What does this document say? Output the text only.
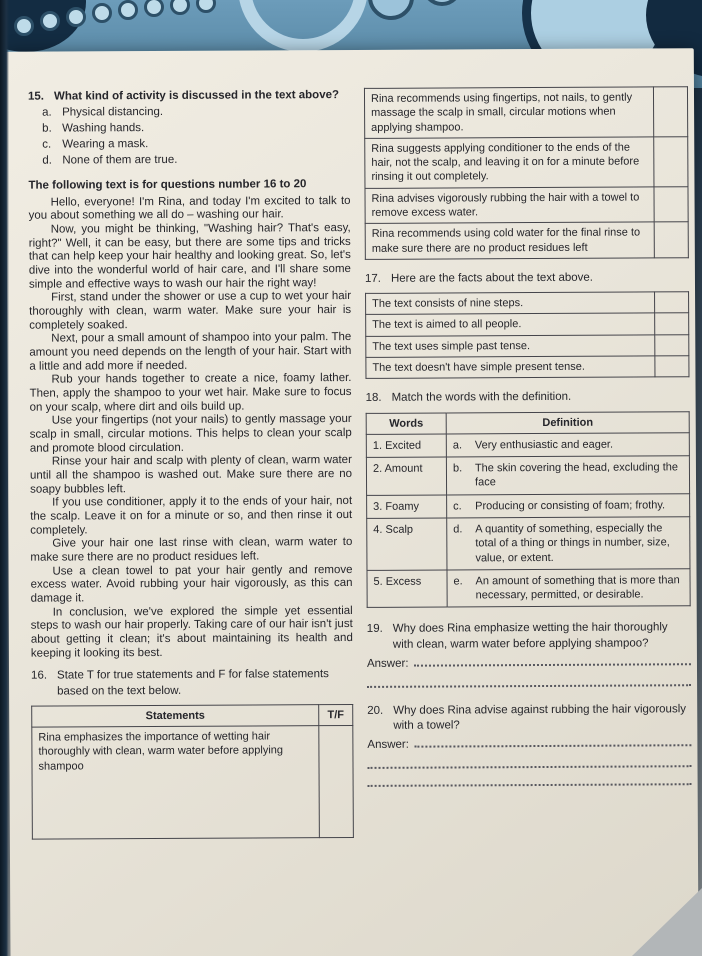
15. What kind of activity is discussed in the text above?
a. Physical distancing.
b. Washing hands.
c. Wearing a mask.
d. None of them are true.
The following text is for questions number 16 to 20

Hello, everyone! I'm Rina, and today I'm excited to talk to you about something we all do – washing our hair.

Now, you might be thinking, "Washing hair? That's easy, right?" Well, it can be easy, but there are some tips and tricks that can help keep your hair healthy and looking great. So, let's dive into the wonderful world of hair care, and I'll share some simple and effective ways to wash our hair the right way!

First, stand under the shower or use a cup to wet your hair thoroughly with clean, warm water. Make sure your hair is completely soaked.

Next, pour a small amount of shampoo into your palm. The amount you need depends on the length of your hair. Start with a little and add more if needed.

Rub your hands together to create a nice, foamy lather. Then, apply the shampoo to your wet hair. Make sure to focus on your scalp, where dirt and oils build up.

Use your fingertips (not your nails) to gently massage your scalp in small, circular motions. This helps to clean your scalp and promote blood circulation.

Rinse your hair and scalp with plenty of clean, warm water until all the shampoo is washed out. Make sure there are no soapy bubbles left.

If you use conditioner, apply it to the ends of your hair, not the scalp. Leave it on for a minute or so, and then rinse it out completely.

Give your hair one last rinse with clean, warm water to make sure there are no product residues left.

Use a clean towel to pat your hair gently and remove excess water. Avoid rubbing your hair vigorously, as this can damage it.

In conclusion, we've explored the simple yet essential steps to wash our hair properly. Taking care of our hair isn't just about getting it clean; it's about maintaining its health and keeping it looking its best.

16. State T for true statements and F for false statements based on the text below.
Statements	T/F
Rina emphasizes the importance of wetting hair thoroughly with clean, warm water before applying shampoo	
Rina recommends using fingertips, not nails, to gently massage the scalp in small, circular motions when applying shampoo.	
Rina suggests applying conditioner to the ends of the hair, not the scalp, and leaving it on for a minute before rinsing it out completely.	
Rina advises vigorously rubbing the hair with a towel to remove excess water.	
Rina recommends using cold water for the final rinse to make sure there are no product residues left	
17. Here are the facts about the text above.
The text consists of nine steps.	
The text is aimed to all people.	
The text uses simple past tense.	
The text doesn't have simple present tense.	
18. Match the words with the definition.
Words	Definition
1. Excited	a. Very enthusiastic and eager.

2. Amount	b. The skin covering the head, excluding the face

3. Foamy	c. Producing or consisting of foam; frothy.

4. Scalp	d. A quantity of something, especially the total of a thing or things in number, size, value, or extent.

5. Excess	e. An amount of something that is more than necessary, permitted, or desirable.
19. Why does Rina emphasize wetting the hair thoroughly with clean, warm water before applying shampoo?
Answer:
20. Why does Rina advise against rubbing the hair vigorously with a towel?
Answer:
